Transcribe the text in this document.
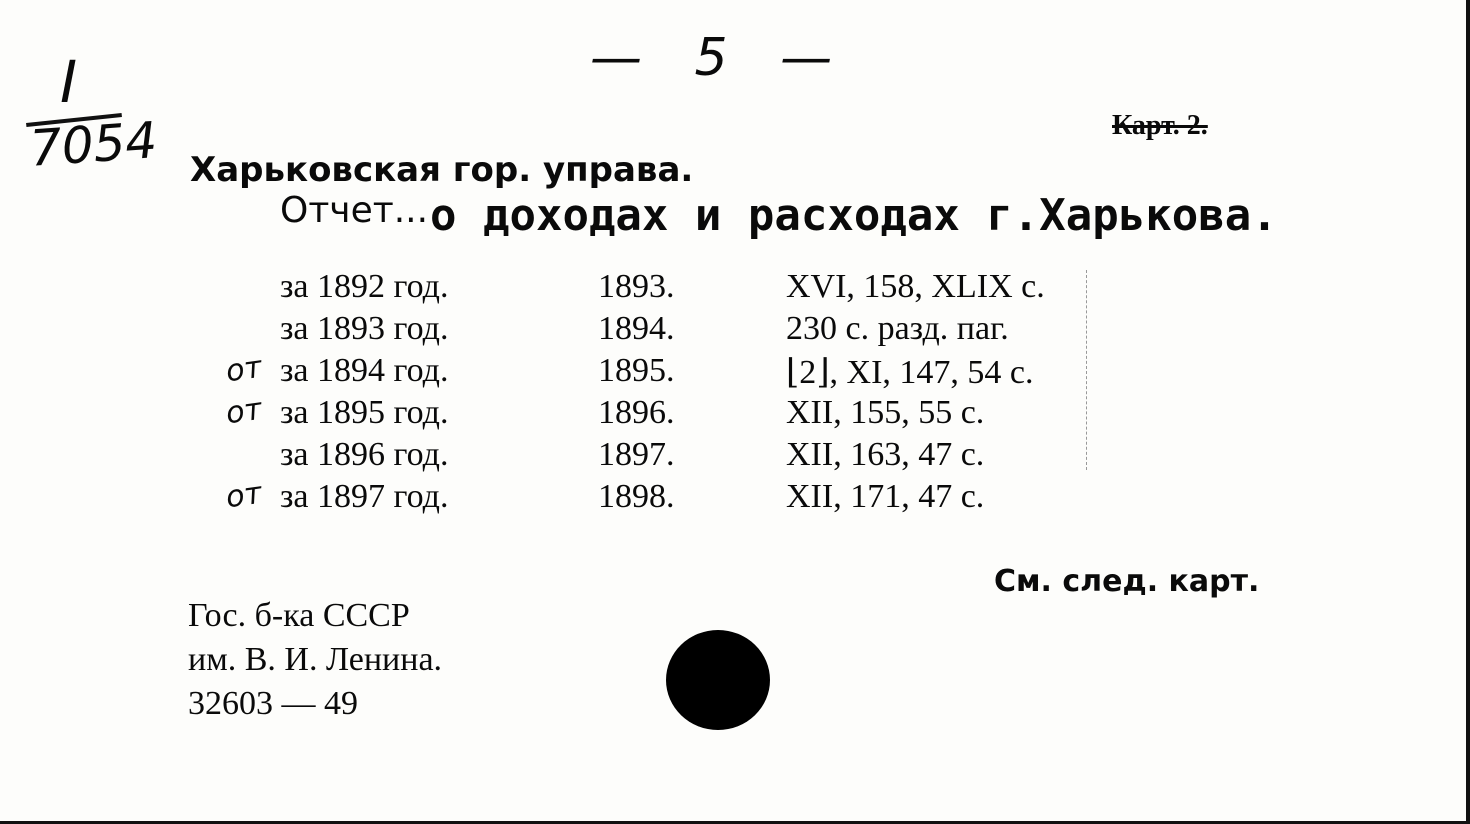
— 5 —
I
7054	Карт. 2.
Харьковская гор. управа.
Отчет... о доходах и расходах г.Харькова.
за 1892 год.	1893.	XVI, 158, XLIX с.
за 1893 год.	1894.	230 с. разд. паг.
от за 1894 год.	1895.	⌊2⌋, XI, 147, 54 с.
от за 1895 год.	1896.	XII, 155, 55 с.
за 1896 год.	1897.	XII, 163, 47 с.
от за 1897 год.	1898.	XII, 171, 47 с.
См. след. карт.
Гос. б-ка СССР
им. В. И. Ленина.
32603 — 49
